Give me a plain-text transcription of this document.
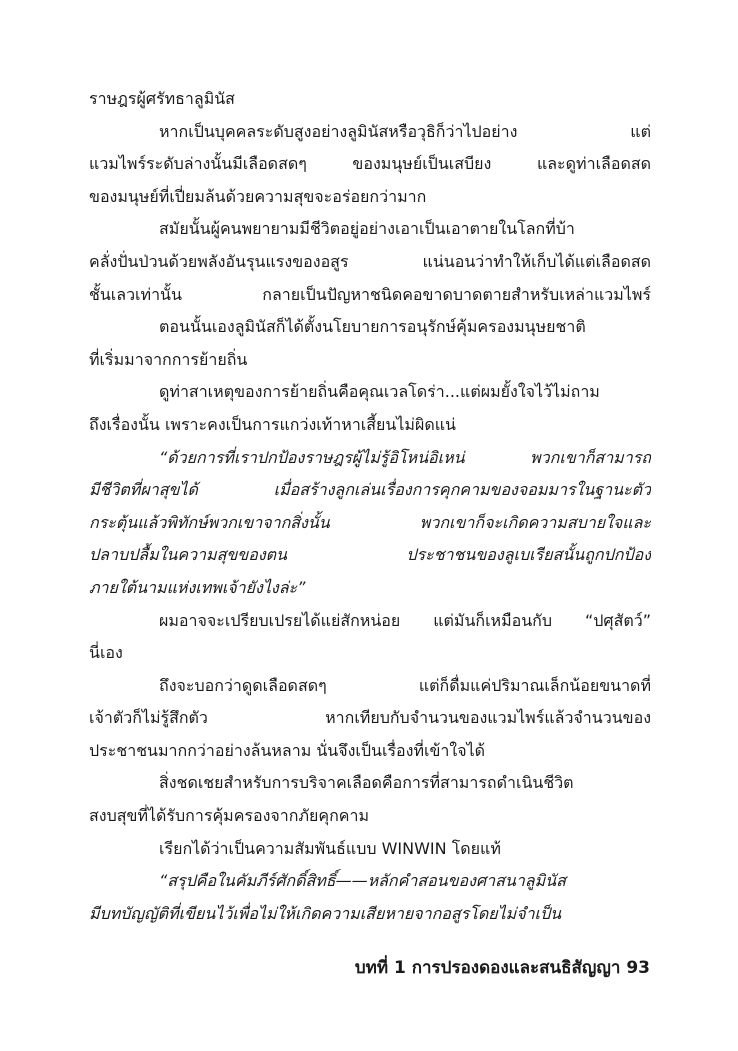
ราษฎรผู้ศรัทธาลูมินัส
หากเป็นบุคคลระดับสูงอย่างลูมินัสหรือวุธิก็ว่าไปอย่าง แต่
แวมไพร์ระดับล่างนั้นมีเลือดสดๆ ของมนุษย์เป็นเสบียง และดูท่าเลือดสด
ของมนุษย์ที่เปี่ยมล้นด้วยความสุขจะอร่อยกว่ามาก
สมัยนั้นผู้คนพยายามมีชีวิตอยู่อย่างเอาเป็นเอาตายในโลกที่บ้า
คลั่งปั่นป่วนด้วยพลังอันรุนแรงของอสูร แน่นอนว่าทำให้เก็บได้แต่เลือดสด
ชั้นเลวเท่านั้น กลายเป็นปัญหาชนิดคอขาดบาดตายสำหรับเหล่าแวมไพร์
ตอนนั้นเองลูมินัสก็ได้ตั้งนโยบายการอนุรักษ์คุ้มครองมนุษยชาติ
ที่เริ่มมาจากการย้ายถิ่น
ดูท่าสาเหตุของการย้ายถิ่นคือคุณเวลโดร่า...แต่ผมยั้งใจไว้ไม่ถาม
ถึงเรื่องนั้น เพราะคงเป็นการแกว่งเท้าหาเสี้ยนไม่ผิดแน่
“ด้วยการที่เราปกป้องราษฎรผู้ไม่รู้อิโหน่อิเหน่ พวกเขาก็สามารถ
มีชีวิตที่ผาสุขได้ เมื่อสร้างลูกเล่นเรื่องการคุกคามของจอมมารในฐานะตัว
กระตุ้นแล้วพิทักษ์พวกเขาจากสิ่งนั้น พวกเขาก็จะเกิดความสบายใจและ
ปลาบปลื้มในความสุขของตน ประชาชนของลูเบเรียสนั้นถูกปกป้อง
ภายใต้นามแห่งเทพเจ้ายังไงล่ะ”
ผมอาจจะเปรียบเปรยได้แย่สักหน่อย แต่มันก็เหมือนกับ “ปศุสัตว์”
นี่เอง
ถึงจะบอกว่าดูดเลือดสดๆ แต่ก็ดื่มแค่ปริมาณเล็กน้อยขนาดที่
เจ้าตัวก็ไม่รู้สึกตัว หากเทียบกับจำนวนของแวมไพร์แล้วจำนวนของ
ประชาชนมากกว่าอย่างล้นหลาม นั่นจึงเป็นเรื่องที่เข้าใจได้
สิ่งชดเชยสำหรับการบริจาคเลือดคือการที่สามารถดำเนินชีวิต
สงบสุขที่ได้รับการคุ้มครองจากภัยคุกคาม
เรียกได้ว่าเป็นความสัมพันธ์แบบ WINWIN โดยแท้
“สรุปคือในคัมภีร์ศักดิ์สิทธิ์——หลักคำสอนของศาสนาลูมินัส
มีบทบัญญัติที่เขียนไว้เพื่อไม่ให้เกิดความเสียหายจากอสูรโดยไม่จำเป็น
บทที่ 1 การปรองดองและสนธิสัญญา 93
